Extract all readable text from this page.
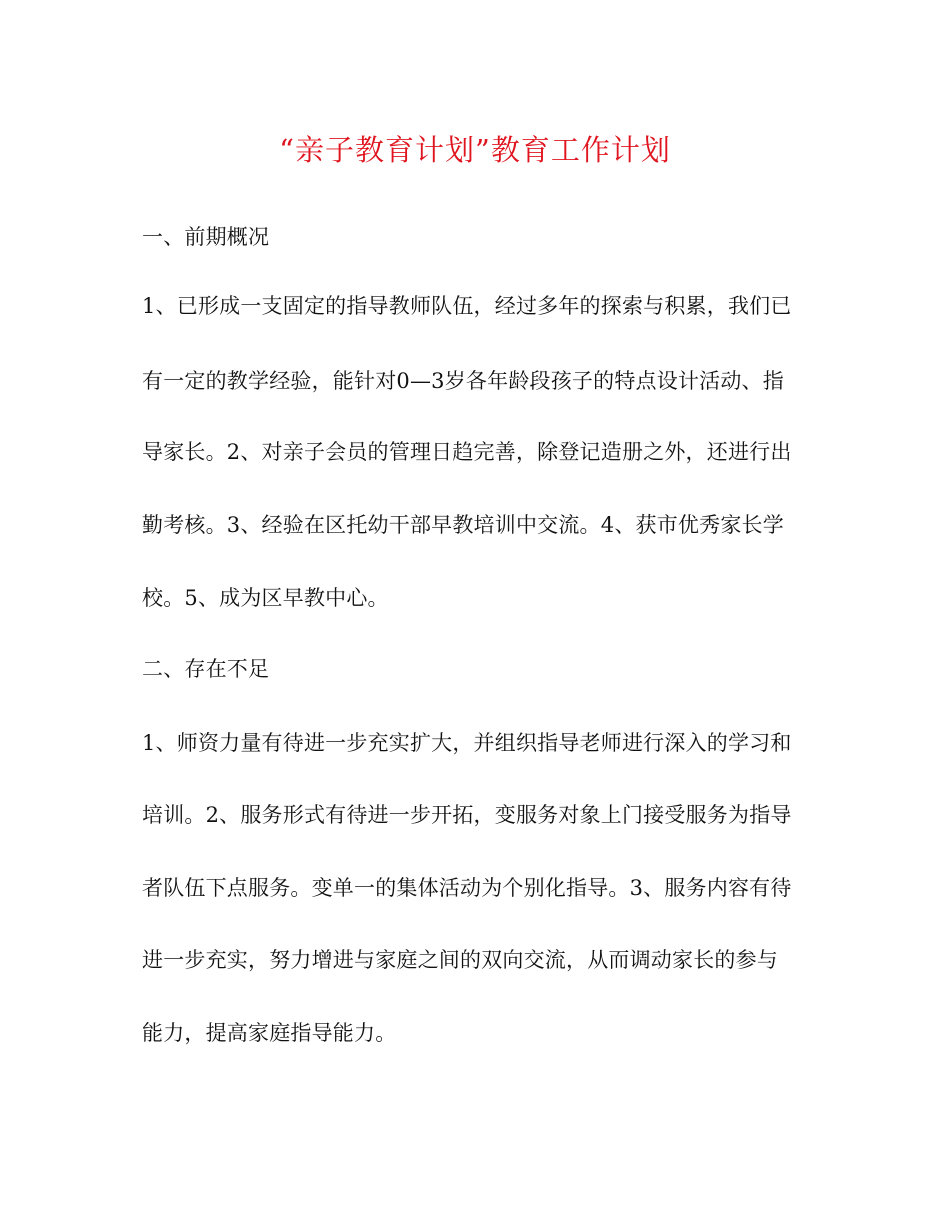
“亲子教育计划”教育工作计划
一、前期概况
1、已形成一支固定的指导教师队伍，经过多年的探索与积累，我们已
有一定的教学经验，能针对0—3岁各年龄段孩子的特点设计活动、指
导家长。2、对亲子会员的管理日趋完善，除登记造册之外，还进行出
勤考核。3、经验在区托幼干部早教培训中交流。4、获市优秀家长学
校。5、成为区早教中心。
二、存在不足
1、师资力量有待进一步充实扩大，并组织指导老师进行深入的学习和
培训。2、服务形式有待进一步开拓，变服务对象上门接受服务为指导
者队伍下点服务。变单一的集体活动为个别化指导。3、服务内容有待
进一步充实，努力增进与家庭之间的双向交流，从而调动家长的参与
能力，提高家庭指导能力。
